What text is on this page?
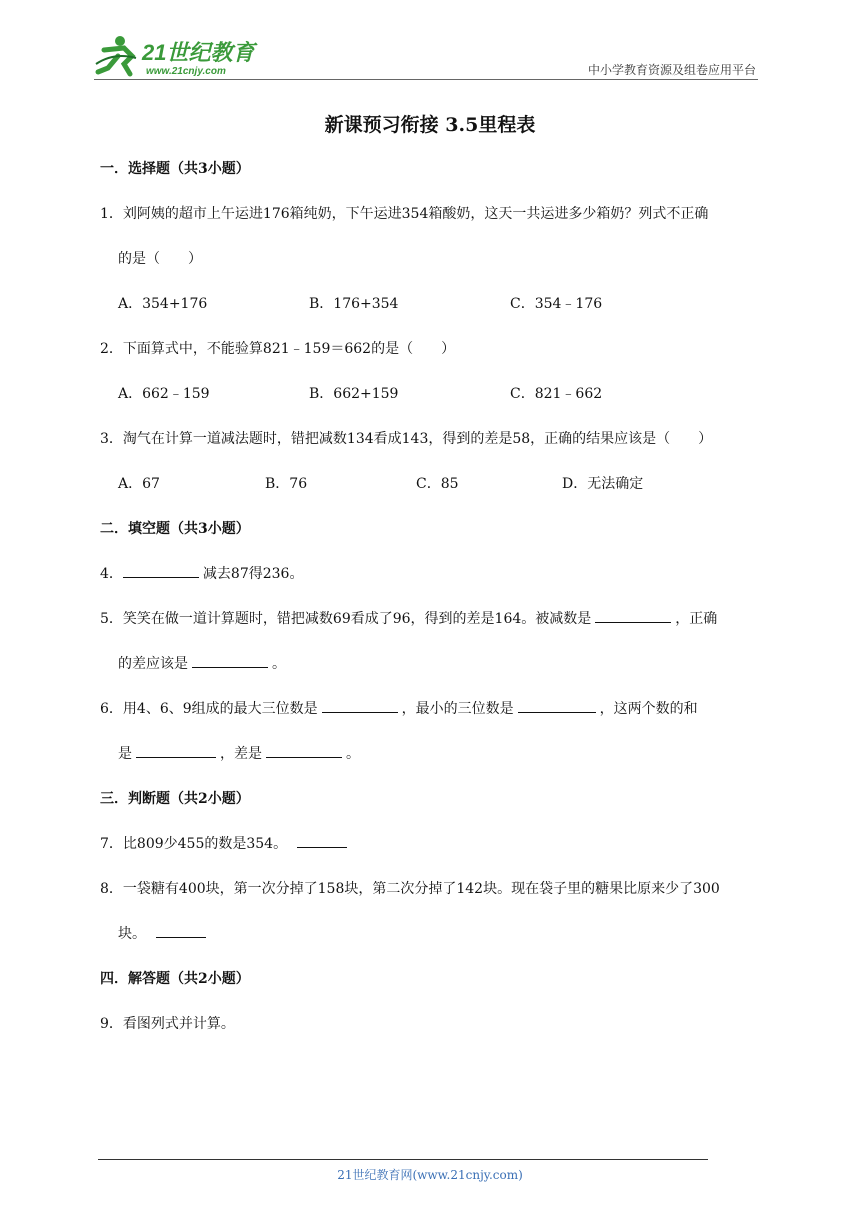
21世纪教育
www.21cnjy.com	中小学教育资源及组卷应用平台
新课预习衔接 3.5里程表
一．选择题（共3小题）
1．刘阿姨的超市上午运进176箱纯奶，下午运进354箱酸奶，这天一共运进多少箱奶？列式不正确
的是（　　）
A．354+176	B．176+354	C．354﹣176
2．下面算式中，不能验算821﹣159＝662的是（　　）
A．662﹣159	B．662+159	C．821﹣662
3．淘气在计算一道减法题时，错把减数134看成143，得到的差是58，正确的结果应该是（　　）
A．67	B．76	C．85	D．无法确定
二．填空题（共3小题）
4．	减去87得236。
5．笑笑在做一道计算题时，错把减数69看成了96，得到的差是164。被减数是	，正确
的差应该是	。
6．用4、6、9组成的最大三位数是	，最小的三位数是	，这两个数的和
是	，差是	。
三．判断题（共2小题）
7．比809少455的数是354。
8．一袋糖有400块，第一次分掉了158块，第二次分掉了142块。现在袋子里的糖果比原来少了300
块。
四．解答题（共2小题）
9．看图列式并计算。
21世纪教育网(www.21cnjy.com)
